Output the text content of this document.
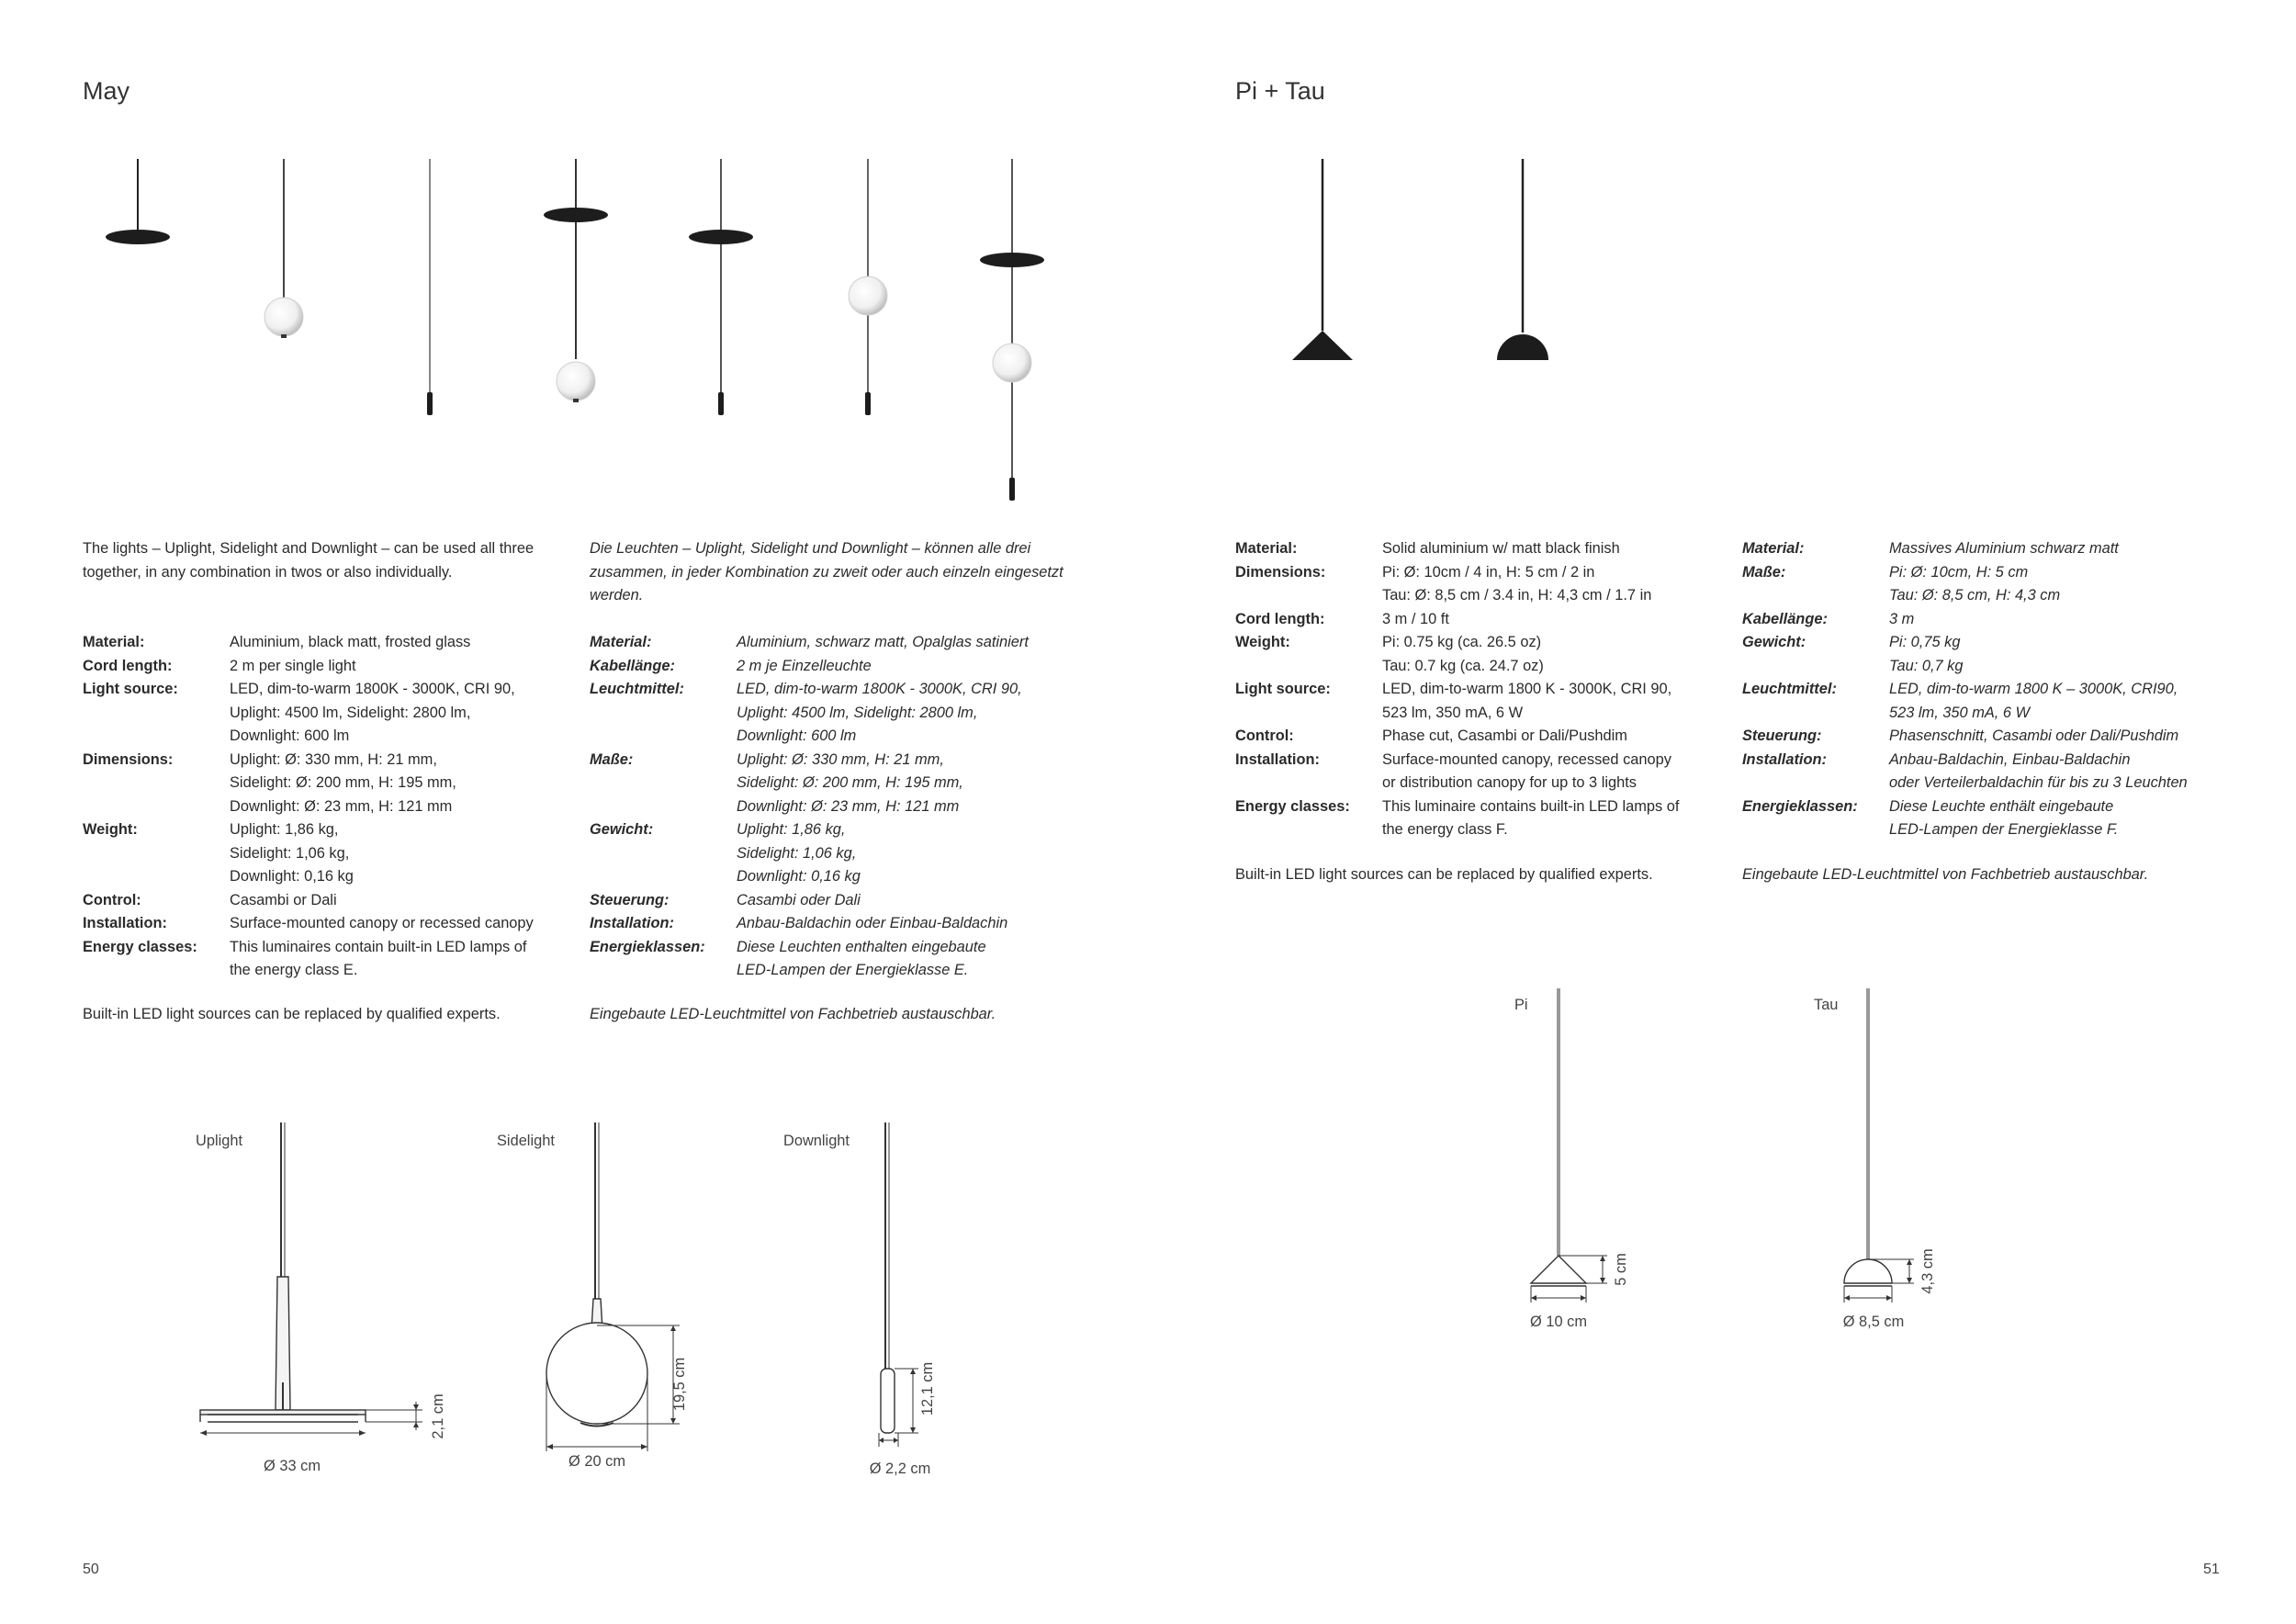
May
The lights – Uplight, Sidelight and Downlight – can be used all three together, in any combination in twos or also individually.
Die Leuchten – Uplight, Sidelight und Downlight – können alle drei zusammen, in jeder Kombination zu zweit oder auch einzeln eingesetzt werden.
Material:	Aluminium, black matt, frosted glass

Cord length:	2 m per single light

Light source:	LED, dim-to-warm 1800K - 3000K, CRI 90,
Uplight: 4500 lm, Sidelight: 2800 lm,
Downlight: 600 lm

Dimensions:	Uplight: Ø: 330 mm, H: 21 mm,
Sidelight: Ø: 200 mm, H: 195 mm,
Downlight: Ø: 23 mm, H: 121 mm

Weight:	Uplight: 1,86 kg,
Sidelight: 1,06 kg,
Downlight: 0,16 kg

Control:	Casambi or Dali

Installation:	Surface-mounted canopy or recessed canopy

Energy classes:	This luminaires contain built-in LED lamps of
the energy class E.
Material:	Aluminium, schwarz matt, Opalglas satiniert

Kabellänge:	2 m je Einzelleuchte

Leuchtmittel:	LED, dim-to-warm 1800K - 3000K, CRI 90,
Uplight: 4500 lm, Sidelight: 2800 lm,
Downlight: 600 lm

Maße:	Uplight: Ø: 330 mm, H: 21 mm,
Sidelight: Ø: 200 mm, H: 195 mm,
Downlight: Ø: 23 mm, H: 121 mm

Gewicht:	Uplight: 1,86 kg,
Sidelight: 1,06 kg,
Downlight: 0,16 kg

Steuerung:	Casambi oder Dali

Installation:	Anbau-Baldachin oder Einbau-Baldachin

Energieklassen:	Diese Leuchten enthalten eingebaute
LED-Lampen der Energieklasse E.
Built-in LED light sources can be replaced by qualified experts.	Eingebaute LED-Leuchtmittel von Fachbetrieb austauschbar.
Uplight	Sidelight	Downlight
Ø 33 cm
2,1 cm
Ø 20 cm
19,5 cm
Ø 2,2 cm
12,1 cm
50
Pi + Tau
Material:	Solid aluminium w/ matt black finish

Dimensions:	Pi: Ø: 10cm / 4 in, H: 5 cm / 2 in
Tau: Ø: 8,5 cm / 3.4 in, H: 4,3 cm / 1.7 in

Cord length:	3 m / 10 ft

Weight:	Pi: 0.75 kg (ca. 26.5 oz)
Tau: 0.7 kg (ca. 24.7 oz)

Light source:	LED, dim-to-warm 1800 K - 3000K, CRI 90,
523 lm, 350 mA, 6 W

Control:	Phase cut, Casambi or Dali/Pushdim

Installation:	Surface-mounted canopy, recessed canopy
or distribution canopy for up to 3 lights

Energy classes:	This luminaire contains built-in LED lamps of
the energy class F.
Material:	Massives Aluminium schwarz matt

Maße:	Pi: Ø: 10cm, H: 5 cm
Tau: Ø: 8,5 cm, H: 4,3 cm

Kabellänge:	3 m

Gewicht:	Pi: 0,75 kg
Tau: 0,7 kg

Leuchtmittel:	LED, dim-to-warm 1800 K – 3000K, CRI90,
523 lm, 350 mA, 6 W

Steuerung:	Phasenschnitt, Casambi oder Dali/Pushdim

Installation:	Anbau-Baldachin, Einbau-Baldachin
oder Verteilerbaldachin für bis zu 3 Leuchten

Energieklassen:	Diese Leuchte enthält eingebaute
LED-Lampen der Energieklasse F.
Built-in LED light sources can be replaced by qualified experts.	Eingebaute LED-Leuchtmittel von Fachbetrieb austauschbar.
Pi	Tau
Ø 10 cm
5 cm
Ø 8,5 cm
4,3 cm
51
